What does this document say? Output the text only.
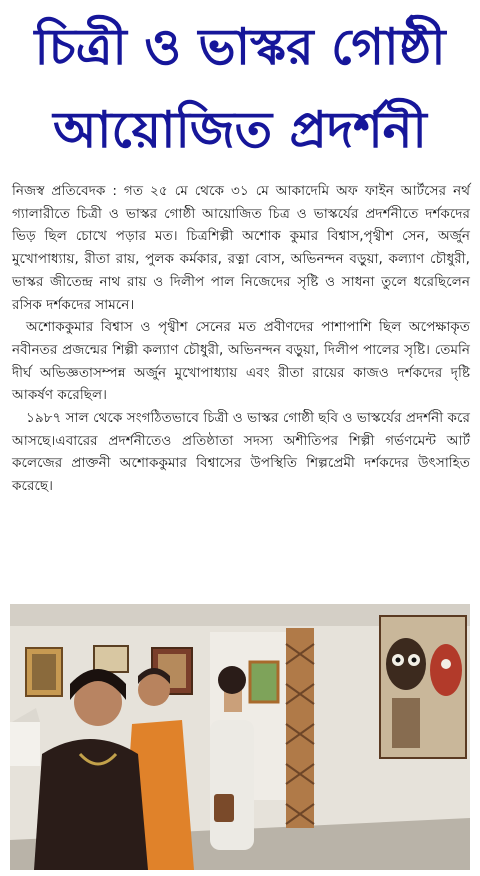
চিত্রী ও ভাস্কর গোষ্ঠী
আয়োজিত প্রদর্শনী

নিজস্ব প্রতিবেদক : গত ২৫ মে থেকে ৩১ মে আকাদেমি অফ ফাইন আর্টসের নর্থ গ্যালারীতে চিত্রী ও ভাস্কর গোষ্ঠী আয়োজিত চিত্র ও ভাস্কর্যের প্রদর্শনীতে দর্শকদের ভিড় ছিল চোখে পড়ার মত। চিত্রশিল্পী অশোক কুমার বিশ্বাস,পৃথ্বীশ সেন, অর্জুন মুখোপাধ্যায়, রীতা রায়, পুলক কর্মকার, রত্না বোস, অভিনন্দন বড়ুয়া, কল্যাণ চৌধুরী, ভাস্কর জীতেন্দ্র নাথ রায় ও দিলীপ পাল নিজেদের সৃষ্টি ও সাধনা তুলে ধরেছিলেন রসিক দর্শকদের সামনে।

অশোককুমার বিশ্বাস ও পৃথ্বীশ সেনের মত প্রবীণদের পাশাপাশি ছিল অপেক্ষাকৃত নবীনতর প্রজন্মের শিল্পী কল্যাণ চৌধুরী, অভিনন্দন বড়ুয়া, দিলীপ পালের সৃষ্টি। তেমনি দীর্ঘ অভিজ্ঞতাসম্পন্ন অর্জুন মুখোপাধ্যায় এবং রীতা রায়ের কাজও দর্শকদের দৃষ্টি আকর্ষণ করেছিল।

১৯৮৭ সাল থেকে সংগঠিতভাবে চিত্রী ও ভাস্কর গোষ্ঠী ছবি ও ভাস্কর্যের প্রদর্শনী করে আসছে।এবারের প্রদর্শনীতেও প্রতিষ্ঠাতা সদস্য অশীতিপর শিল্পী গর্ভণমেন্ট আর্ট কলেজের প্রাক্তনী অশোককুমার বিশ্বাসের উপস্থিতি শিল্পপ্রেমী দর্শকদের উৎসাহিত করেছে।
